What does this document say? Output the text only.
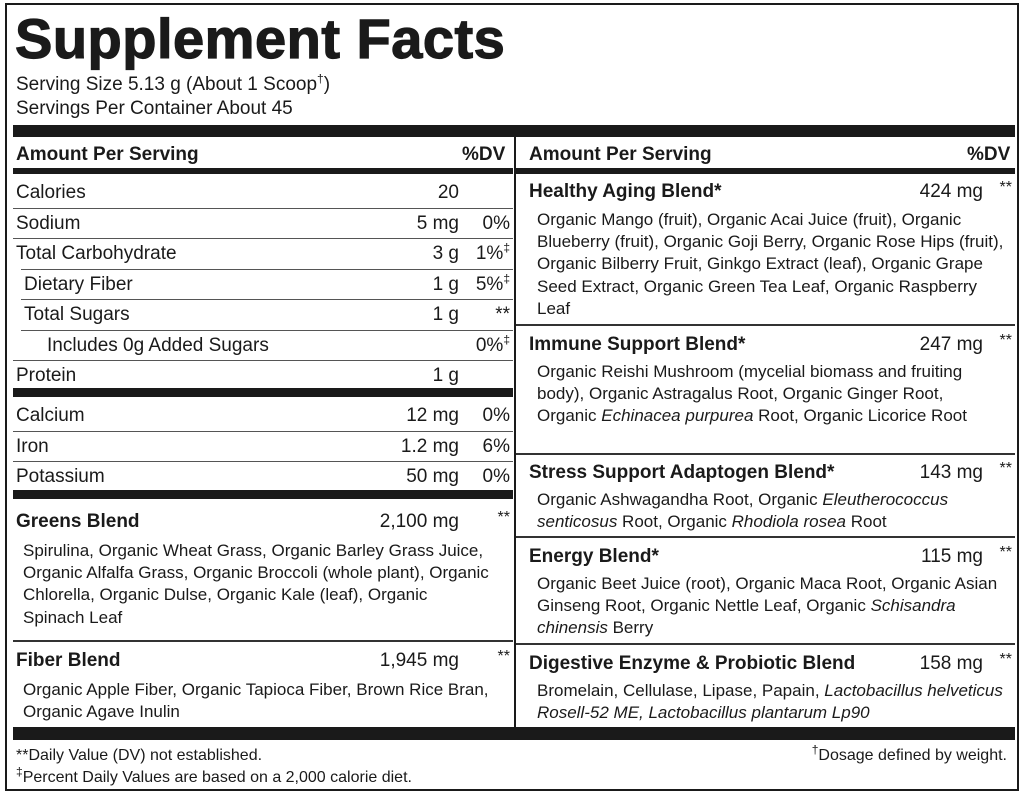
Supplement Facts
Serving Size 5.13 g (About 1 Scoop†)
Servings Per Container About 45
Amount Per Serving	%DV
Calories	20
Sodium	5 mg	0%
Total Carbohydrate	3 g 1%‡
Dietary Fiber	1 g 5%‡
Total Sugars	1 g	**
Includes 0g Added Sugars	0%‡
Protein	1 g
Calcium	12 mg	0%
Iron	1.2 mg	6%
Potassium	50 mg	0%
Greens Blend	2,100 mg	**
Spirulina, Organic Wheat Grass, Organic Barley Grass Juice, Organic Alfalfa Grass, Organic Broccoli (whole plant), Organic Chlorella, Organic Dulse, Organic Kale (leaf), Organic Spinach Leaf
Fiber Blend	1,945 mg	**
Organic Apple Fiber, Organic Tapioca Fiber, Brown Rice Bran, Organic Agave Inulin
Amount Per Serving	%DV
Healthy Aging Blend*	424 mg	**
Organic Mango (fruit), Organic Acai Juice (fruit), Organic Blueberry (fruit), Organic Goji Berry, Organic Rose Hips (fruit), Organic Bilberry Fruit, Ginkgo Extract (leaf), Organic Grape Seed Extract, Organic Green Tea Leaf, Organic Raspberry Leaf
Immune Support Blend*	247 mg	**
Organic Reishi Mushroom (mycelial biomass and fruiting body), Organic Astragalus Root, Organic Ginger Root, Organic Echinacea purpurea Root, Organic Licorice Root
Stress Support Adaptogen Blend*	143 mg	**
Organic Ashwagandha Root, Organic Eleutherococcus senticosus Root, Organic Rhodiola rosea Root
Energy Blend*	115 mg	**
Organic Beet Juice (root), Organic Maca Root, Organic Asian Ginseng Root, Organic Nettle Leaf, Organic Schisandra chinensis Berry
Digestive Enzyme & Probiotic Blend	158 mg	**
Bromelain, Cellulase, Lipase, Papain, Lactobacillus helveticus Rosell-52 ME, Lactobacillus plantarum Lp90
**Daily Value (DV) not established.
‡Percent Daily Values are based on a 2,000 calorie diet.
†Dosage defined by weight.
